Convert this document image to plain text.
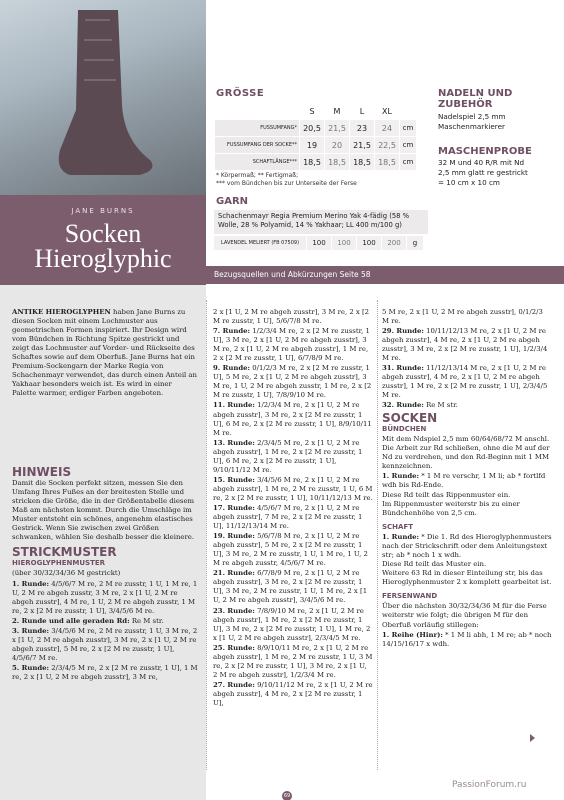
JANE BURNS
Socken
Hieroglyphic
GRÖSSE
	S	M	L	XL	
FUSSUMFANG*	20,5	21,5	23	24	cm
FUSSUMFANG DER SOCKE**	19	20	21,5	22,5	cm
SCHAFTLÄNGE***	18,5	18,5	18,5	18,5	cm
* Körpermaß; ** Fertigmaß;
*** vom Bündchen bis zur Unterseite der Ferse
GARN
Schachenmayr Regia Premium Merino Yak 4-fädig (58 % Wolle, 28 % Polyamid, 14 % Yakhaar; LL 400 m/100 g)
LAVENDEL MELIERT (FB 07509)	100	100	100	200	g
NADELN UND
ZUBEHÖR
Nadelspiel 2,5 mm
Maschenmarkierer
MASCHENPROBE
32 M und 40 R/R mit Nd
2,5 mm glatt re gestrickt
= 10 cm x 10 cm
Bezugsquellen und Abkürzungen Seite 58

ANTIKE HIEROGLYPHEN haben Jane Burns zu diesen Socken mit einem Lochmuster aus geometrischen Formen inspiriert. Ihr Design wird vom Bündchen in Richtung Spitze gestrickt und zeigt das Lochmuster auf Vorder- und Rückseite des Schaftes sowie auf dem Oberfuß. Jane Burns hat ein Premium-Sockengarn der Marke Regia von Schachenmayr verwendet, das durch einen Anteil an Yakhaar besonders weich ist. Es wird in einer Palette warmer, erdiger Farben angeboten.

HINWEIS

Damit die Socken perfekt sitzen, messen Sie den Umfang Ihres Fußes an der breitesten Stelle und stricken die Größe, die in der Größentabelle diesem Maß am nächsten kommt. Durch die Umschläge im Muster entsteht ein schönes, angenehm elastisches Gestrick. Wenn Sie zwischen zwei Größen schwanken, wählen Sie deshalb besser die kleinere.

STRICKMUSTER
HIEROGLYPHENMUSTER

(über 30/32/34/36 M gestrickt)

1. Runde: 4/5/6/7 M re, 2 M re zusstr, 1 U, 1 M re, 1 U, 2 M re abgeh zusstr, 3 M re, 2 x [1 U, 2 M re abgeh zusstr], 4 M re, 1 U, 2 M re abgeh zusstr, 1 M re, 2 x [2 M re zusstr, 1 U], 3/4/5/6 M re.

2. Runde und alle geraden Rd: Re M str.

3. Runde: 3/4/5/6 M re, 2 M re zusstr, 1 U, 3 M re, 2 x [1 U, 2 M re abgeh zusstr], 3 M re, 2 x [1 U, 2 M re abgeh zusstr], 5 M re, 2 x [2 M re zusstr, 1 U], 4/5/6/7 M re.

5. Runde: 2/3/4/5 M re, 2 x [2 M re zusstr, 1 U], 1 M re, 2 x [1 U, 2 M re abgeh zusstr], 3 M re,

2 x [1 U, 2 M re abgeh zusstr], 3 M re, 2 x [2 M re zusstr, 1 U], 5/6/7/8 M re.

7. Runde: 1/2/3/4 M re, 2 x [2 M re zusstr, 1 U], 3 M re, 2 x [1 U, 2 M re abgeh zusstr], 3 M re, 2 x [1 U, 2 M re abgeh zusstr], 1 M re, 2 x [2 M re zusstr, 1 U], 6/7/8/9 M re.

9. Runde: 0/1/2/3 M re, 2 x [2 M re zusstr, 1 U], 5 M re, 2 x [1 U, 2 M re abgeh zusstr], 3 M re, 1 U, 2 M re abgeh zusstr, 1 M re, 2 x [2 M re zusstr, 1 U], 7/8/9/10 M re.

11. Runde: 1/2/3/4 M re, 2 x [1 U, 2 M re abgeh zusstr], 3 M re, 2 x [2 M re zusstr, 1 U], 6 M re, 2 x [2 M re zusstr, 1 U], 8/9/10/11 M re.

13. Runde: 2/3/4/5 M re, 2 x [1 U, 2 M re abgeh zusstr], 1 M re, 2 x [2 M re zusstr, 1 U], 6 M re, 2 x [2 M re zusstr, 1 U], 9/10/11/12 M re.

15. Runde: 3/4/5/6 M re, 2 x [1 U, 2 M re abgeh zusstr], 1 M re, 2 M re zusstr, 1 U, 6 M re, 2 x [2 M re zusstr, 1 U], 10/11/12/13 M re.

17. Runde: 4/5/6/7 M re, 2 x [1 U, 2 M re abgeh zusstr], 7 M re, 2 x [2 M re zusstr, 1 U], 11/12/13/14 M re.

19. Runde: 5/6/7/8 M re, 2 x [1 U, 2 M re abgeh zusstr], 5 M re, 2 x [2 M re zusstr, 1 U], 3 M re, 2 M re zusstr, 1 U, 1 M re, 1 U, 2 M re abgeh zusstr, 4/5/6/7 M re.

21. Runde: 6/7/8/9 M re, 2 x [1 U, 2 M re abgeh zusstr], 3 M re, 2 x [2 M re zusstr, 1 U], 3 M re, 2 M re zusstr, 1 U, 1 M re, 2 x [1 U, 2 M re abgeh zusstr], 3/4/5/6 M re.

23. Runde: 7/8/9/10 M re, 2 x [1 U, 2 M re abgeh zusstr], 1 M re, 2 x [2 M re zusstr, 1 U], 3 M re, 2 x [2 M re zusstr, 1 U], 1 M re, 2 x [1 U, 2 M re abgeh zusstr], 2/3/4/5 M re.

25. Runde: 8/9/10/11 M re, 2 x [1 U, 2 M re abgeh zusstr], 1 M re, 2 M re zusstr, 1 U, 3 M re, 2 x [2 M re zusstr, 1 U], 3 M re, 2 x [1 U, 2 M re abgeh zusstr], 1/2/3/4 M re.

27. Runde: 9/10/11/12 M re, 2 x [1 U, 2 M re abgeh zusstr], 4 M re, 2 x [2 M re zusstr, 1 U],

5 M re, 2 x [1 U, 2 M re abgeh zusstr], 0/1/2/3 M re.

29. Runde: 10/11/12/13 M re, 2 x [1 U, 2 M re abgeh zusstr], 4 M re, 2 x [1 U, 2 M re abgeh zusstr], 3 M re, 2 x [2 M re zusstr, 1 U], 1/2/3/4 M re.

31. Runde: 11/12/13/14 M re, 2 x [1 U, 2 M re abgeh zusstr], 4 M re, 2 x [1 U, 2 M re abgeh zusstr], 1 M re, 2 x [2 M re zusstr, 1 U], 2/3/4/5 M re.

32. Runde: Re M str.

SOCKEN
BÜNDCHEN

Mit dem Ndspiel 2,5 mm 60/64/68/72 M anschl.
Die Arbeit zur Rd schließen, ohne die M auf der Nd zu verdrehen, und den Rd-Beginn mit 1 MM kennzeichnen.

1. Runde: * 1 M re verschr, 1 M li; ab * fortlfd wdh bis Rd-Ende.

Diese Rd teilt das Rippenmuster ein.
Im Rippenmuster weiterstr bis zu einer Bündchenhöhe von 2,5 cm.

SCHAFT

1. Runde: * Die 1. Rd des Hieroglyphenmusters nach der Strickschrift oder dem Anleitungstext str; ab * noch 1 x wdh.
Diese Rd teilt das Muster ein.
Weitere 63 Rd in dieser Einteilung str, bis das Hieroglyphenmuster 2 x komplett gearbeitet ist.

FERSENWAND

Über die nächsten 30/32/34/36 M für die Ferse weiterstr wie folgt; die übrigen M für den Oberfuß vorläufig stillegen:

1. Reihe (Hinr): * 1 M li abh, 1 M re; ab * noch 14/15/16/17 x wdh.

69
PassionForum.ru
